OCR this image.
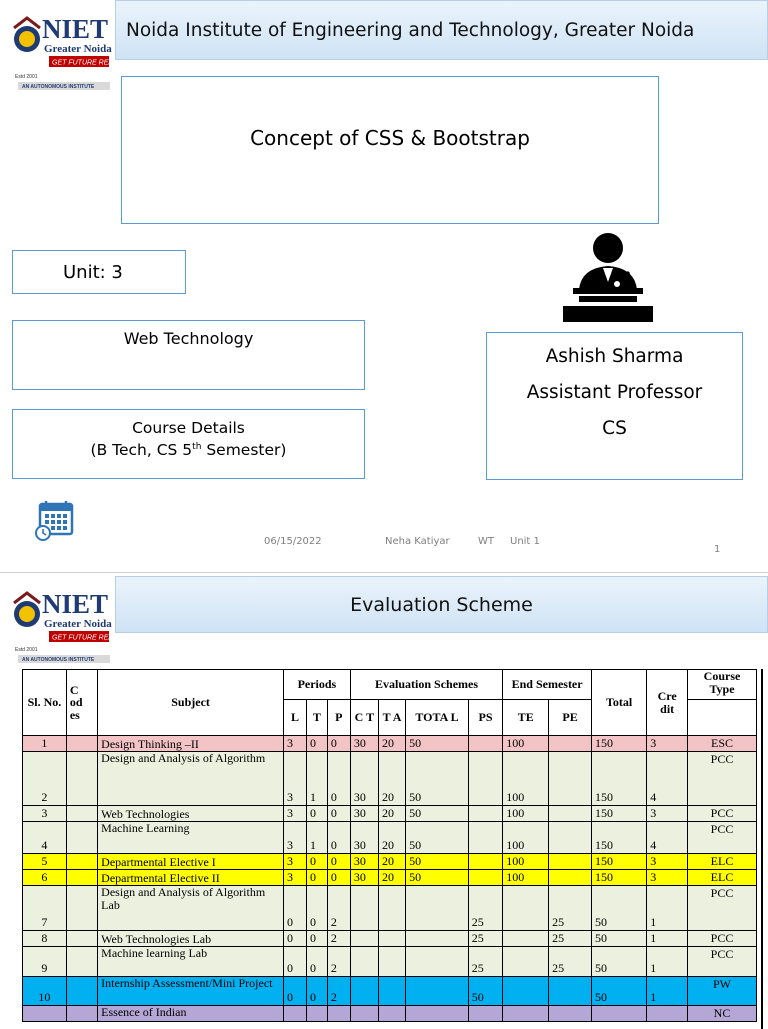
NIET
Greater Noida
GET FUTURE READY
Estd 2001
AN AUTONOMOUS INSTITUTE
Noida Institute of Engineering and Technology, Greater Noida
Concept of CSS & Bootstrap
Unit: 3
Web Technology
Course Details
(B Tech, CS 5th Semester)
Ashish Sharma
Assistant Professor
CS
06/15/2022	Neha Katiyar	WT Unit 1
1
NIET
Greater Noida
GET FUTURE READY
Estd 2001
AN AUTONOMOUS INSTITUTE
Evaluation Scheme
Sl. No.	C
od
es	Subject	Periods			Evaluation Schemes				End Semester		Total	Cre
dit	Course Type
			L	T	P	C T	T A	TOTA L	PS	TE	PE			
1		Design Thinking –II	3	0	0	30	20	50		100		150	3	ESC
2		Design and Analysis of Algorithm	3	1	0	30	20	50		100		150	4	PCC
3		Web Technologies	3	0	0	30	20	50		100		150	3	PCC
4		Machine Learning	3	1	0	30	20	50		100		150	4	PCC
5		Departmental Elective I	3	0	0	30	20	50		100		150	3	ELC
6		Departmental Elective II	3	0	0	30	20	50		100		150	3	ELC
7		Design and Analysis of Algorithm Lab	0	0	2				25		25	50	1	PCC
8		Web Technologies Lab	0	0	2				25		25	50	1	PCC
9		Machine learning Lab	0	0	2				25		25	50	1	PCC
10		Internship Assessment/Mini Project	0	0	2				50			50	1	PW
		Essence of Indian												NC
